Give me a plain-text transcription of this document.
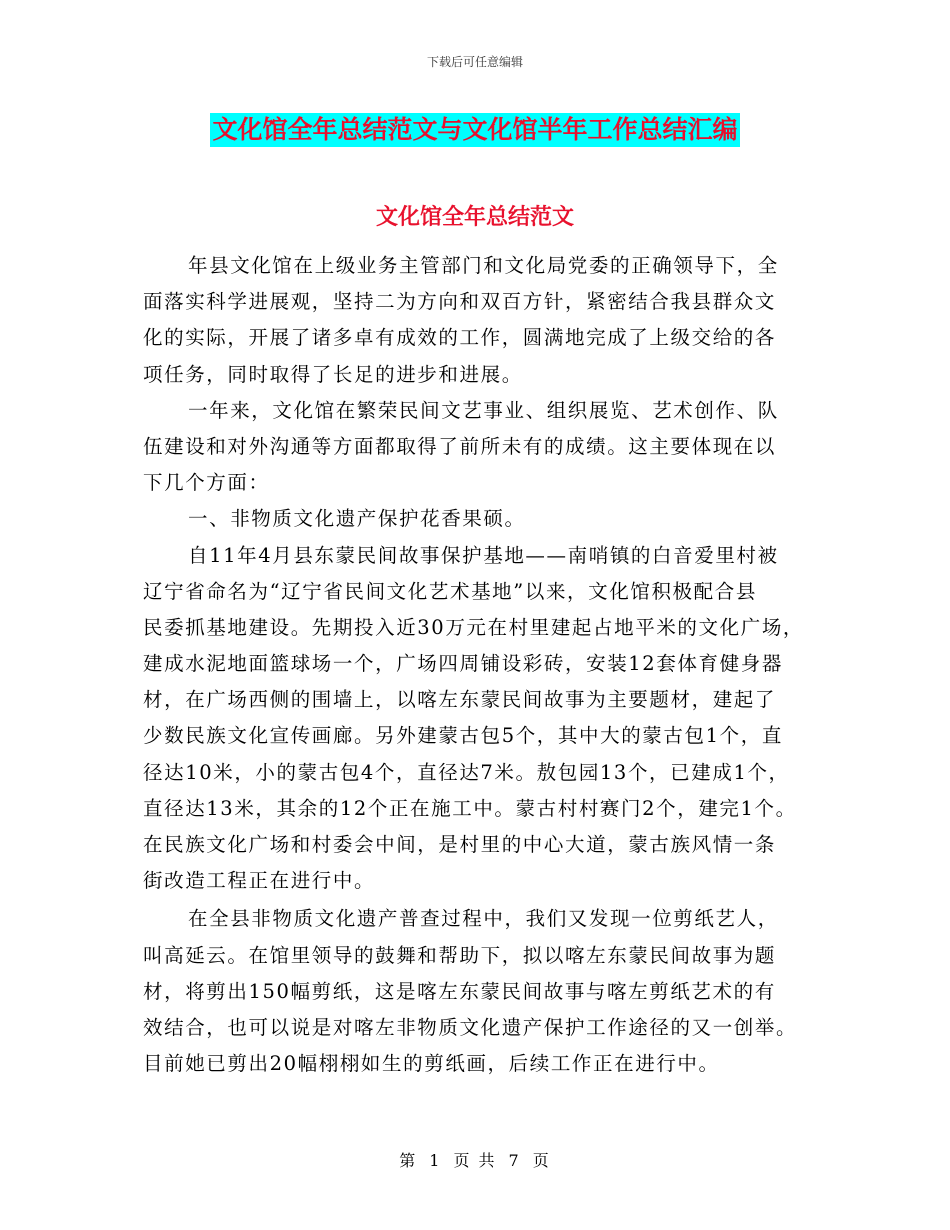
下载后可任意编辑
文化馆全年总结范文与文化馆半年工作总结汇编
文化馆全年总结范文
年县文化馆在上级业务主管部门和文化局党委的正确领导下，全
面落实科学进展观，坚持二为方向和双百方针，紧密结合我县群众文
化的实际，开展了诸多卓有成效的工作，圆满地完成了上级交给的各
项任务，同时取得了长足的进步和进展。
一年来，文化馆在繁荣民间文艺事业、组织展览、艺术创作、队
伍建设和对外沟通等方面都取得了前所未有的成绩。这主要体现在以
下几个方面：
一、非物质文化遗产保护花香果硕。
自11年4月县东蒙民间故事保护基地——南哨镇的白音爱里村被
辽宁省命名为“辽宁省民间文化艺术基地”以来，文化馆积极配合县
民委抓基地建设。先期投入近30万元在村里建起占地平米的文化广场，
建成水泥地面篮球场一个，广场四周铺设彩砖，安装12套体育健身器
材，在广场西侧的围墙上，以喀左东蒙民间故事为主要题材，建起了
少数民族文化宣传画廊。另外建蒙古包5个，其中大的蒙古包1个，直
径达10米，小的蒙古包4个，直径达7米。敖包园13个，已建成1个，
直径达13米，其余的12个正在施工中。蒙古村村赛门2个，建完1个。
在民族文化广场和村委会中间，是村里的中心大道，蒙古族风情一条
街改造工程正在进行中。
在全县非物质文化遗产普查过程中，我们又发现一位剪纸艺人，
叫高延云。在馆里领导的鼓舞和帮助下，拟以喀左东蒙民间故事为题
材，将剪出150幅剪纸，这是喀左东蒙民间故事与喀左剪纸艺术的有
效结合，也可以说是对喀左非物质文化遗产保护工作途径的又一创举。
目前她已剪出20幅栩栩如生的剪纸画，后续工作正在进行中。
第 1 页 共 7 页
